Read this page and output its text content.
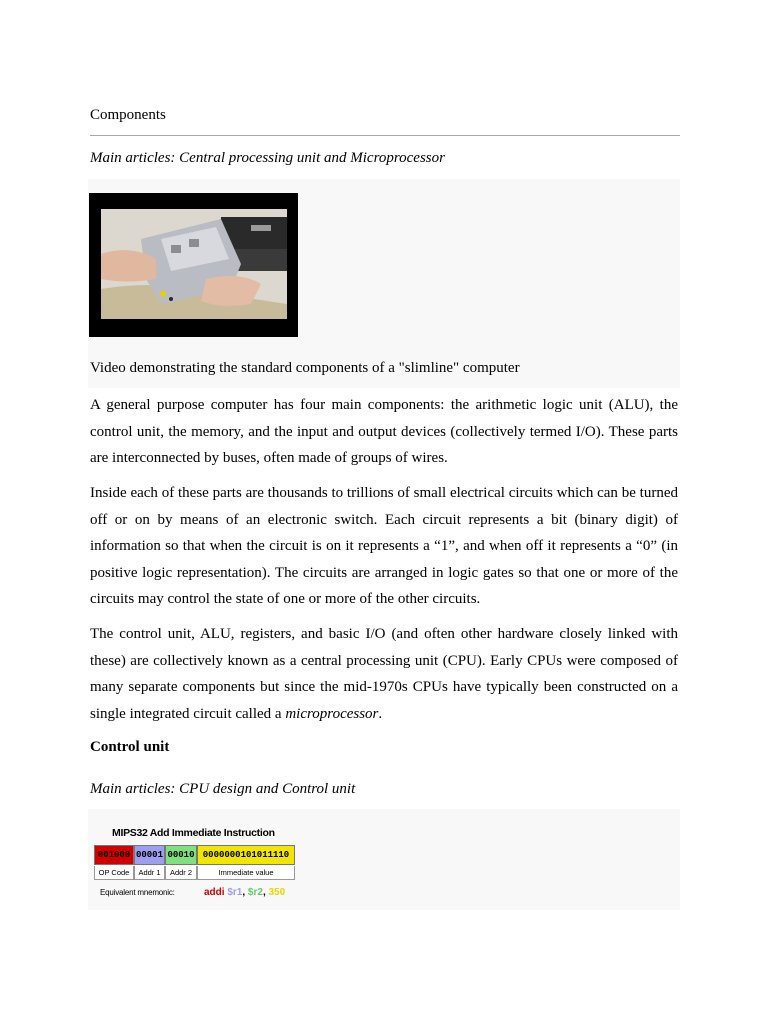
Components
Main articles: Central processing unit and Microprocessor
Video demonstrating the standard components of a "slimline" computer
A general purpose computer has four main components: the arithmetic logic unit (ALU), the control unit, the memory, and the input and output devices (collectively termed I/O). These parts are interconnected by buses, often made of groups of wires.
Inside each of these parts are thousands to trillions of small electrical circuits which can be turned off or on by means of an electronic switch. Each circuit represents a bit (binary digit) of information so that when the circuit is on it represents a “1”, and when off it represents a “0” (in positive logic representation). The circuits are arranged in logic gates so that one or more of the circuits may control the state of one or more of the other circuits.
The control unit, ALU, registers, and basic I/O (and often other hardware closely linked with these) are collectively known as a central processing unit (CPU). Early CPUs were composed of many separate components but since the mid-1970s CPUs have typically been constructed on a single integrated circuit called a microprocessor.
Control unit
Main articles: CPU design and Control unit
MIPS32 Add Immediate Instruction
001000 00001 00010 0000000101011110
OP Code	Addr 1	Addr 2	Immediate value
Equivalent mnemonic:	addi $r1, $r2, 350
